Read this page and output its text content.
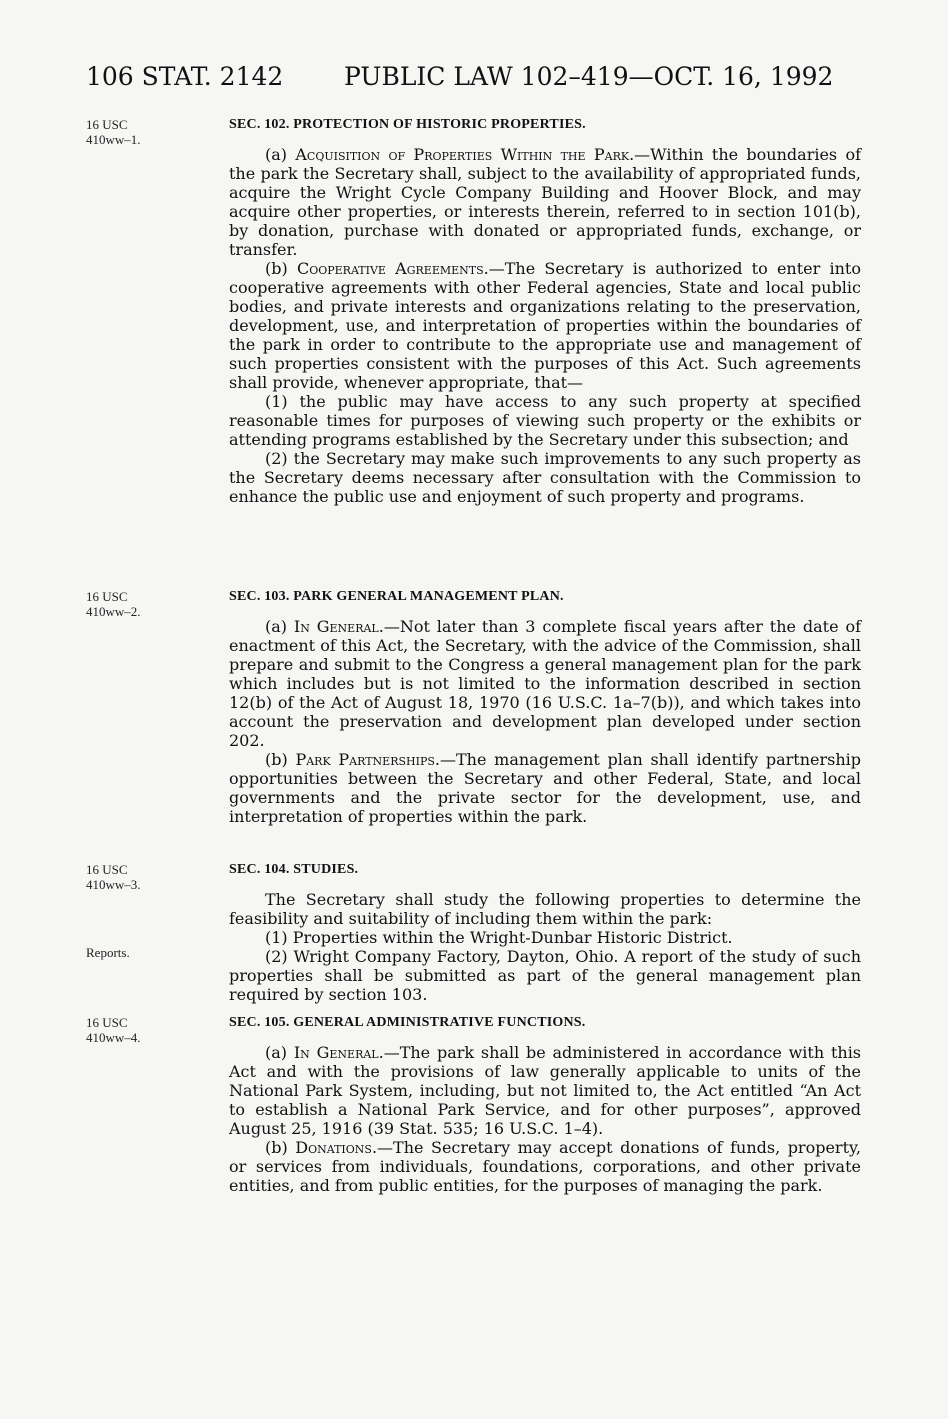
106 STAT. 2142 PUBLIC LAW 102–419—OCT. 16, 1992
16 USC
410ww–1.
16 USC
410ww–2.
16 USC
410ww–3.
Reports.
16 USC
410ww–4.
SEC. 102. PROTECTION OF HISTORIC PROPERTIES.

(a) Acquisition of Properties Within the Park.—Within the boundaries of the park the Secretary shall, subject to the availability of appropriated funds, acquire the Wright Cycle Company Building and Hoover Block, and may acquire other properties, or interests therein, referred to in section 101(b), by donation, purchase with donated or appropriated funds, exchange, or transfer.

(b) Cooperative Agreements.—The Secretary is authorized to enter into cooperative agreements with other Federal agencies, State and local public bodies, and private interests and organizations relating to the preservation, development, use, and interpretation of properties within the boundaries of the park in order to contribute to the appropriate use and management of such properties consistent with the purposes of this Act. Such agreements shall provide, whenever appropriate, that—

(1) the public may have access to any such property at specified reasonable times for purposes of viewing such property or the exhibits or attending programs established by the Secretary under this subsection; and

(2) the Secretary may make such improvements to any such property as the Secretary deems necessary after consultation with the Commission to enhance the public use and enjoyment of such property and programs.

SEC. 103. PARK GENERAL MANAGEMENT PLAN.

(a) In General.—Not later than 3 complete fiscal years after the date of enactment of this Act, the Secretary, with the advice of the Commission, shall prepare and submit to the Congress a general management plan for the park which includes but is not limited to the information described in section 12(b) of the Act of August 18, 1970 (16 U.S.C. 1a–7(b)), and which takes into account the preservation and development plan developed under section 202.

(b) Park Partnerships.—The management plan shall identify partnership opportunities between the Secretary and other Federal, State, and local governments and the private sector for the development, use, and interpretation of properties within the park.

SEC. 104. STUDIES.

The Secretary shall study the following properties to determine the feasibility and suitability of including them within the park:

(1) Properties within the Wright-Dunbar Historic District.

(2) Wright Company Factory, Dayton, Ohio. A report of the study of such properties shall be submitted as part of the general management plan required by section 103.

SEC. 105. GENERAL ADMINISTRATIVE FUNCTIONS.

(a) In General.—The park shall be administered in accordance with this Act and with the provisions of law generally applicable to units of the National Park System, including, but not limited to, the Act entitled “An Act to establish a National Park Service, and for other purposes”, approved August 25, 1916 (39 Stat. 535; 16 U.S.C. 1–4).

(b) Donations.—The Secretary may accept donations of funds, property, or services from individuals, foundations, corporations, and other private entities, and from public entities, for the purposes of managing the park.
